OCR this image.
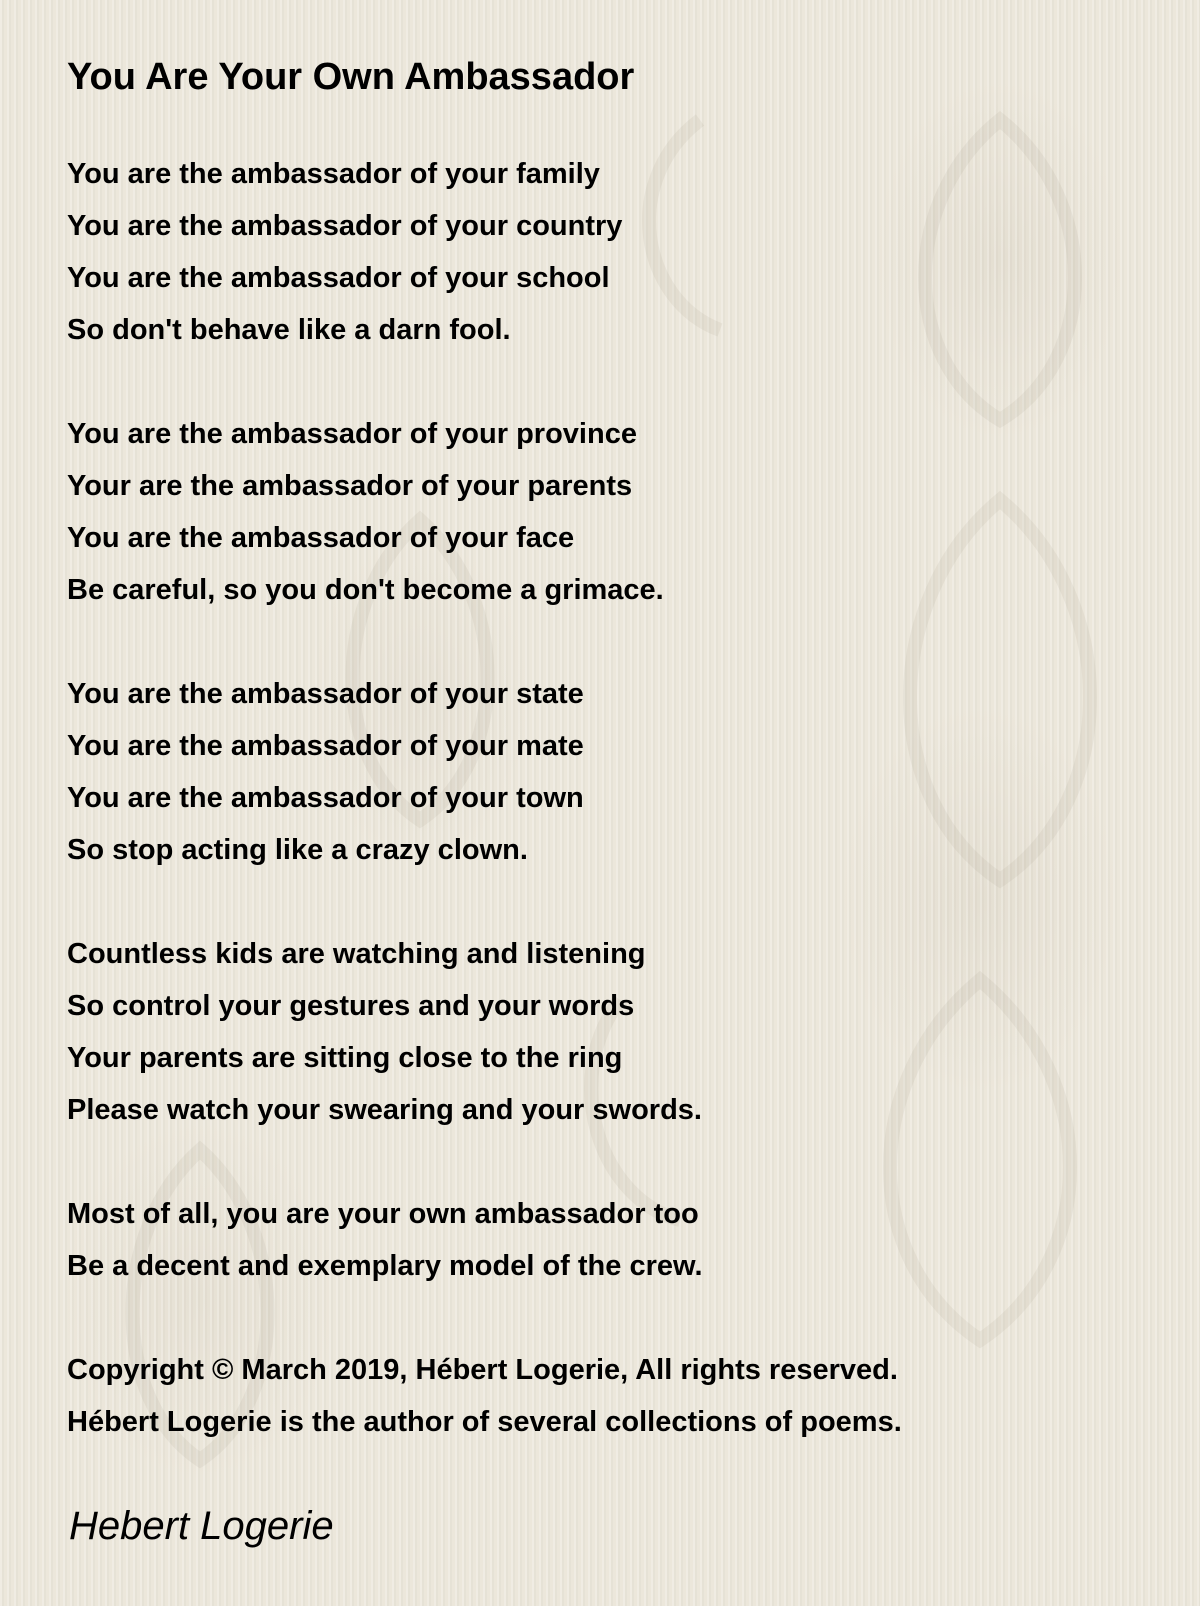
You Are Your Own Ambassador
You are the ambassador of your family
You are the ambassador of your country
You are the ambassador of your school
So don't behave like a darn fool.
You are the ambassador of your province
Your are the ambassador of your parents
You are the ambassador of your face
Be careful, so you don't become a grimace.
You are the ambassador of your state
You are the ambassador of your mate
You are the ambassador of your town
So stop acting like a crazy clown.
Countless kids are watching and listening
So control your gestures and your words
Your parents are sitting close to the ring
Please watch your swearing and your swords.
Most of all, you are your own ambassador too
Be a decent and exemplary model of the crew.
Copyright © March 2019, Hébert Logerie, All rights reserved.
Hébert Logerie is the author of several collections of poems.
Hebert Logerie
